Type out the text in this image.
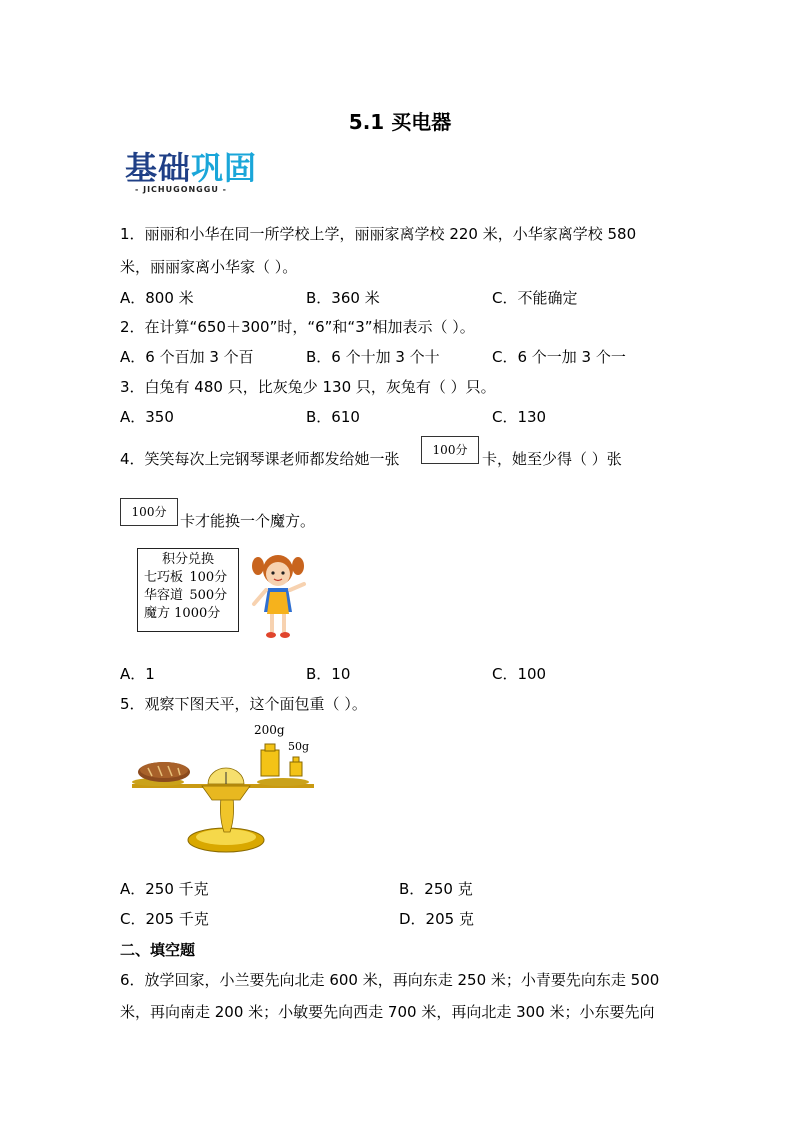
5.1 买电器
基础巩固
- JICHUGONGGU -
1．丽丽和小华在同一所学校上学，丽丽家离学校 220 米，小华家离学校 580
米，丽丽家离小华家（ ）。
A．800 米	B．360 米	C．不能确定
2．在计算“650＋300”时，“6”和“3”相加表示（ ）。
A．6 个百加 3 个百	B．6 个十加 3 个十	C．6 个一加 3 个一
3．白兔有 480 只，比灰兔少 130 只，灰兔有（ ）只。
A．350	B．610	C．130
4．笑笑每次上完钢琴课老师都发给她一张	100分 卡，她至少得（ ）张
100分 卡才能换一个魔方。
积分兑换
七巧板 100分
华容道 500分
魔方 1000分
A．1	B．10	C．100
5．观察下图天平，这个面包重（ ）。
200g
50g
A．250 千克	B．250 克
C．205 千克	D．205 克
二、填空题
6．放学回家，小兰要先向北走 600 米，再向东走 250 米；小青要先向东走 500
米，再向南走 200 米；小敏要先向西走 700 米，再向北走 300 米；小东要先向
